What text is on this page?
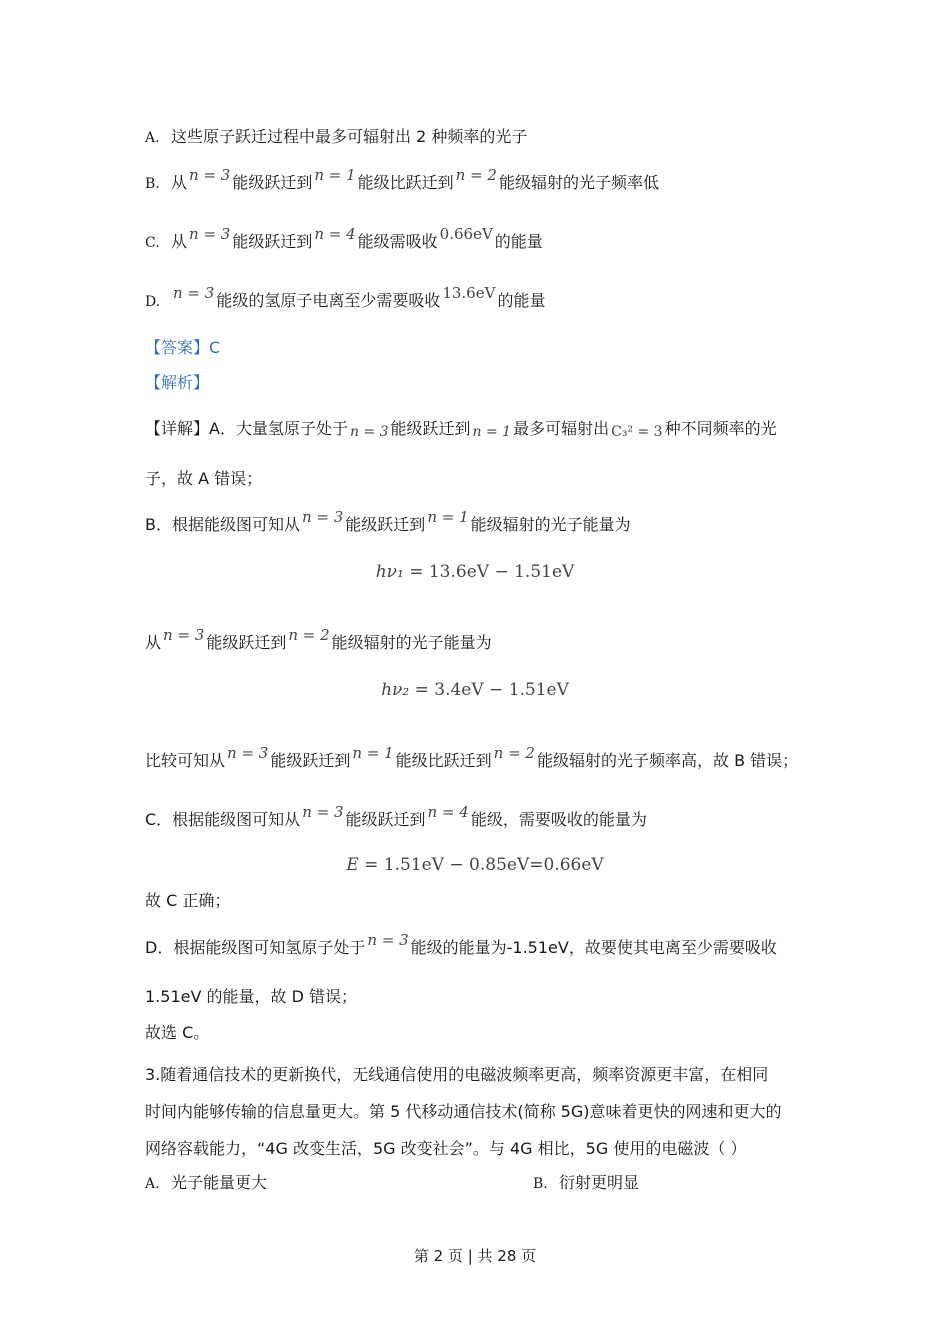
A. 这些原子跃迁过程中最多可辐射出 2 种频率的光子
B. 从 n = 3 能级跃迁到 n = 1 能级比跃迁到 n = 2 能级辐射的光子频率低
C. 从 n = 3 能级跃迁到 n = 4 能级需吸收 0.66eV 的能量
D. n = 3 能级的氢原子电离至少需要吸收 13.6eV 的能量
【答案】C
【解析】
【详解】A．大量氢原子处于 n = 3 能级跃迁到 n = 1 最多可辐射出 C₃² = 3 种不同频率的光
子，故 A 错误；
B．根据能级图可知从 n = 3 能级跃迁到 n = 1 能级辐射的光子能量为
hν₁ = 13.6eV − 1.51eV
从 n = 3 能级跃迁到 n = 2 能级辐射的光子能量为
hν₂ = 3.4eV − 1.51eV
比较可知从 n = 3 能级跃迁到 n = 1 能级比跃迁到 n = 2 能级辐射的光子频率高，故 B 错误；
C．根据能级图可知从 n = 3 能级跃迁到 n = 4 能级，需要吸收的能量为
E = 1.51eV − 0.85eV=0.66eV
故 C 正确；
D．根据能级图可知氢原子处于 n = 3 能级的能量为-1.51eV，故要使其电离至少需要吸收
1.51eV 的能量，故 D 错误；
故选 C。
3.随着通信技术的更新换代，无线通信使用的电磁波频率更高，频率资源更丰富，在相同
时间内能够传输的信息量更大。第 5 代移动通信技术(简称 5G)意味着更快的网速和更大的
网络容载能力，“4G 改变生活，5G 改变社会”。与 4G 相比，5G 使用的电磁波（ ）
A. 光子能量更大	B. 衍射更明显
第 2 页 | 共 28 页
